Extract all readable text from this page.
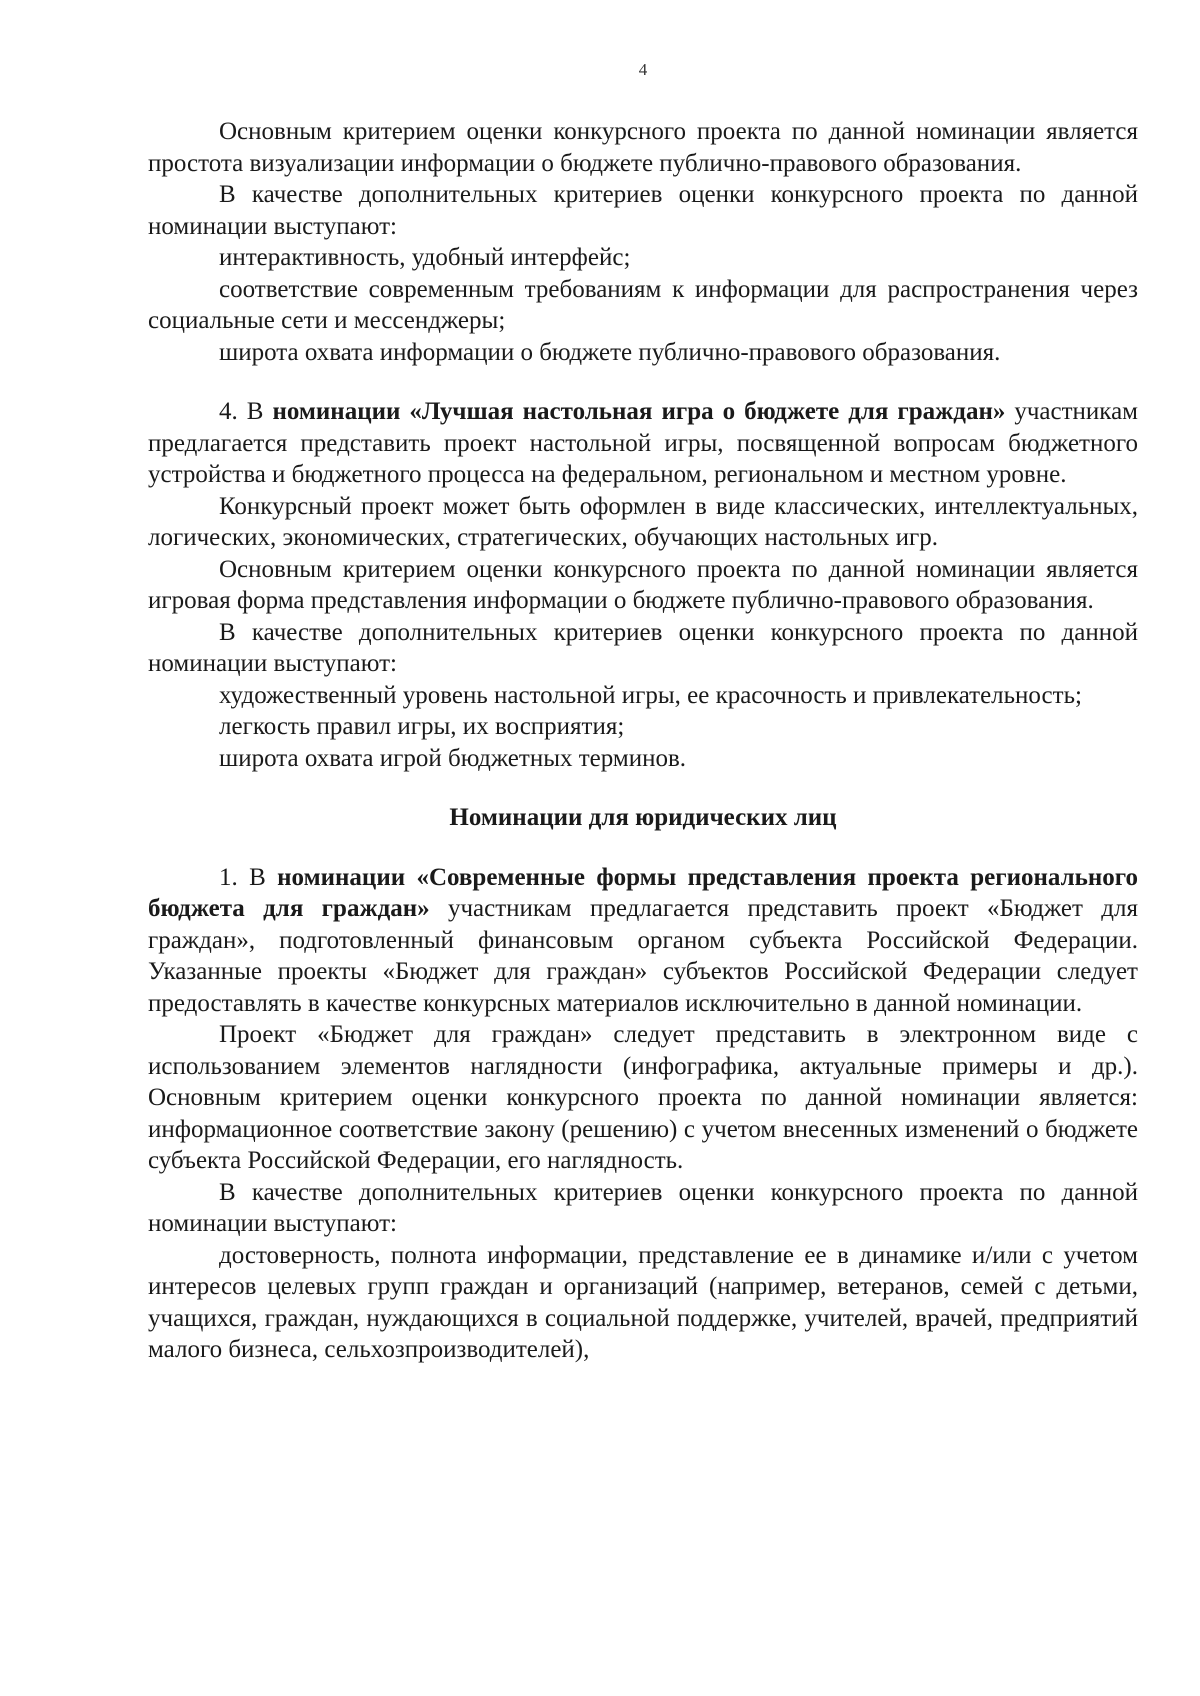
4

Основным критерием оценки конкурсного проекта по данной номинации является простота визуализации информации о бюджете публично-правового образования.

В качестве дополнительных критериев оценки конкурсного проекта по данной номинации выступают:

интерактивность, удобный интерфейс;

соответствие современным требованиям к информации для распространения через социальные сети и мессенджеры;

широта охвата информации о бюджете публично-правового образования.

4. В номинации «Лучшая настольная игра о бюджете для граждан» участникам предлагается представить проект настольной игры, посвященной вопросам бюджетного устройства и бюджетного процесса на федеральном, региональном и местном уровне.

Конкурсный проект может быть оформлен в виде классических, интеллектуальных, логических, экономических, стратегических, обучающих настольных игр.

Основным критерием оценки конкурсного проекта по данной номинации является игровая форма представления информации о бюджете публично-правового образования.

В качестве дополнительных критериев оценки конкурсного проекта по данной номинации выступают:

художественный уровень настольной игры, ее красочность и привлекательность;

легкость правил игры, их восприятия;

широта охвата игрой бюджетных терминов.

Номинации для юридических лиц

1. В номинации «Современные формы представления проекта регионального бюджета для граждан» участникам предлагается представить проект «Бюджет для граждан», подготовленный финансовым органом субъекта Российской Федерации. Указанные проекты «Бюджет для граждан» субъектов Российской Федерации следует предоставлять в качестве конкурсных материалов исключительно в данной номинации.

Проект «Бюджет для граждан» следует представить в электронном виде с использованием элементов наглядности (инфографика, актуальные примеры и др.). Основным критерием оценки конкурсного проекта по данной номинации является: информационное соответствие закону (решению) с учетом внесенных изменений о бюджете субъекта Российской Федерации, его наглядность.

В качестве дополнительных критериев оценки конкурсного проекта по данной номинации выступают:

достоверность, полнота информации, представление ее в динамике и/или с учетом интересов целевых групп граждан и организаций (например, ветеранов, семей с детьми, учащихся, граждан, нуждающихся в социальной поддержке, учителей, врачей, предприятий малого бизнеса, сельхозпроизводителей),
